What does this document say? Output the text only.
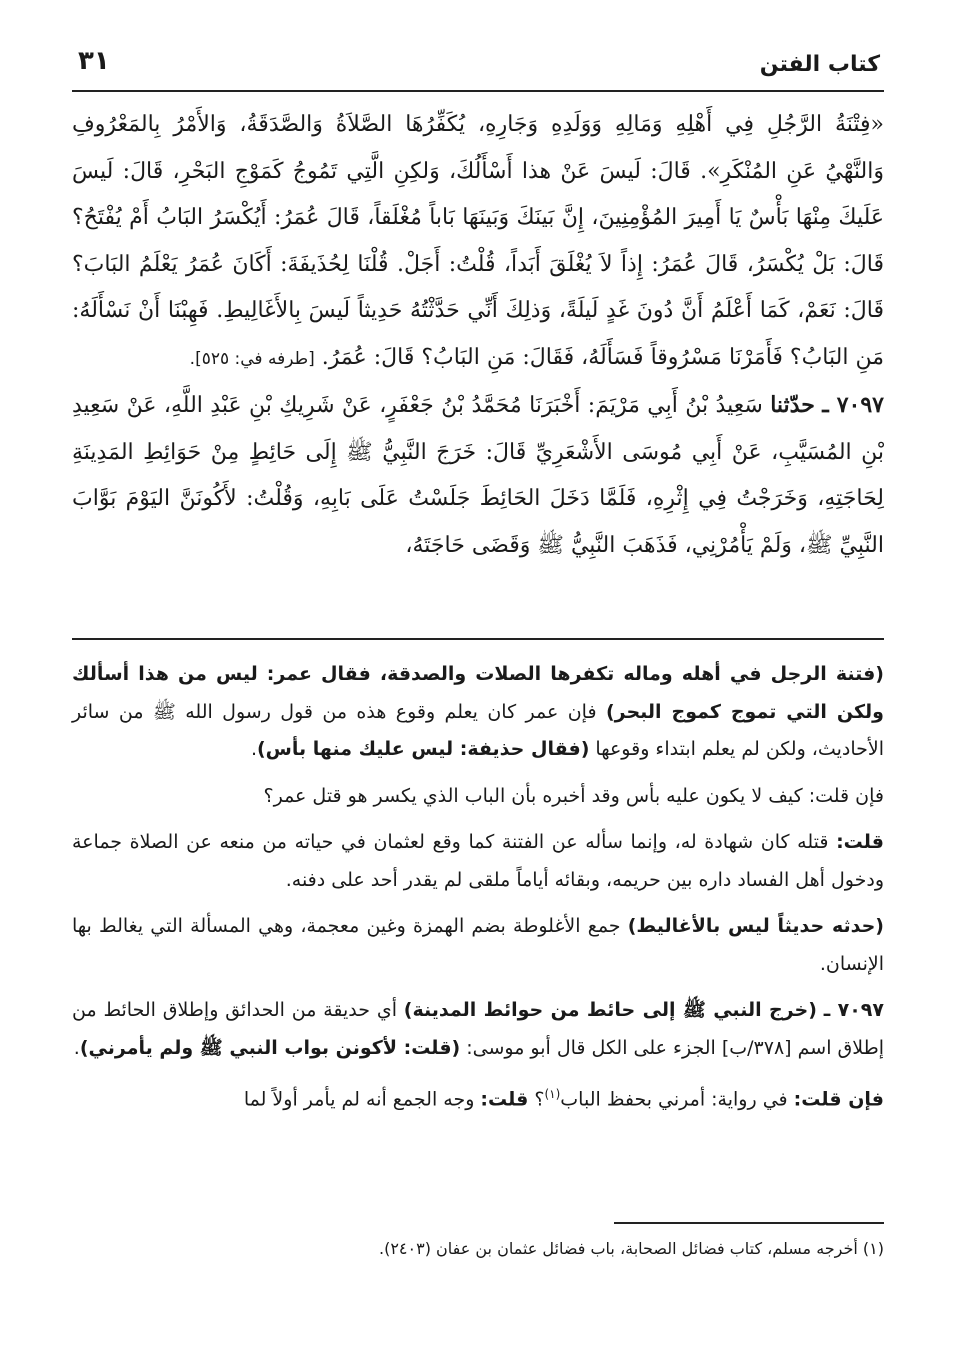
كتاب الفتن
٣١

«فِتْنَةُ الرَّجُلِ فِي أَهْلِهِ وَمَالِهِ وَوَلَدِهِ وَجَارِهِ، يُكَفِّرُهَا الصَّلاَةُ وَالصَّدَقَةُ، وَالأَمْرُ بِالمَعْرُوفِ وَالنَّهْيُ عَنِ المُنْكَرِ». قَالَ: لَيسَ عَنْ هذا أَسْأَلُكَ، وَلكِنِ الَّتِي تَمُوجُ كَمَوْجِ البَحْرِ، قَالَ: لَيسَ عَلَيكَ مِنْهَا بَأْسٌ يَا أَمِيرَ المُؤْمِنِينَ، إِنَّ بَينَكَ وَبَينَهَا بَاباً مُغْلَقاً، قَالَ عُمَرُ: أَيُكْسَرُ البَابُ أَمْ يُفْتَحُ؟ قَالَ: بَلْ يُكْسَرُ، قَالَ عُمَرُ: إِذاً لاَ يُغْلَقَ أَبَداً، قُلْتُ: أَجَلْ. قُلْنَا لِحُذَيفَةَ: أَكَانَ عُمَرُ يَعْلَمُ البَابَ؟ قَالَ: نَعَمْ، كَمَا أَعْلَمُ أَنَّ دُونَ غَدٍ لَيلَةً، وَذلِكَ أَنِّي حَدَّثْتُهُ حَدِيثاً لَيسَ بِالأَغَالِيطِ. فَهِبْنَا أَنْ نَسْأَلَهُ: مَنِ البَابُ؟ فَأَمَرْنَا مَسْرُوقاً فَسَأَلَهُ، فَقَالَ: مَنِ البَابُ؟ قَالَ: عُمَرُ. [طرفه في: ٥٢٥].

٧٠٩٧ ـ حدّثنا سَعِيدُ بْنُ أَبِي مَرْيَمَ: أَخْبَرَنَا مُحَمَّدُ بْنُ جَعْفَرٍ، عَنْ شَرِيكِ بْنِ عَبْدِ اللَّهِ، عَنْ سَعِيدِ بْنِ المُسَيَّبِ، عَنْ أَبِي مُوسَى الأَشْعَرِيِّ قَالَ: خَرَجَ النَّبِيُّ ﷺ إِلَى حَائِطٍ مِنْ حَوَائِطِ المَدِينَةِ لِحَاجَتِهِ، وَخَرَجْتُ فِي إِثْرِهِ، فَلَمَّا دَخَلَ الحَائِطَ جَلَسْتُ عَلَى بَابِهِ، وَقُلْتُ: لأَكُونَنَّ اليَوْمَ بَوَّابَ النَّبِيِّ ﷺ، وَلَمْ يَأْمُرْنِي، فَذَهَبَ النَّبِيُّ ﷺ وَقَضَى حَاجَتَهُ،

(فتنة الرجل في أهله وماله تكفرها الصلات والصدقة، فقال عمر: ليس من هذا أسألك ولكن التي تموج كموج البحر) فإن عمر كان يعلم وقوع هذه من قول رسول الله ﷺ من سائر الأحاديث، ولكن لم يعلم ابتداء وقوعها (فقال حذيفة: ليس عليك منها بأس).

فإن قلت: كيف لا يكون عليه بأس وقد أخبره بأن الباب الذي يكسر هو قتل عمر؟

قلت: قتله كان شهادة له، وإنما سأله عن الفتنة كما وقع لعثمان في حياته من منعه عن الصلاة جماعة ودخول أهل الفساد داره بين حريمه، وبقائه أياماً ملقى لم يقدر أحد على دفنه.

(حدثه حديثاً ليس بالأغاليط) جمع الأغلوطة بضم الهمزة وغين معجمة، وهي المسألة التي يغالط بها الإنسان.

٧٠٩٧ ـ (خرج النبي ﷺ إلى حائط من حوائط المدينة) أي حديقة من الحدائق وإطلاق الحائط من إطلاق اسم [٣٧٨/ب] الجزء على الكل قال أبو موسى: (قلت: لأكونن بواب النبي ﷺ ولم يأمرني).

فإن قلت: في رواية: أمرني بحفظ الباب$^{(١)}$؟ قلت: وجه الجمع أنه لم يأمر أولاً لما

(١) أخرجه مسلم، كتاب فضائل الصحابة، باب فضائل عثمان بن عفان (٢٤٠٣).
